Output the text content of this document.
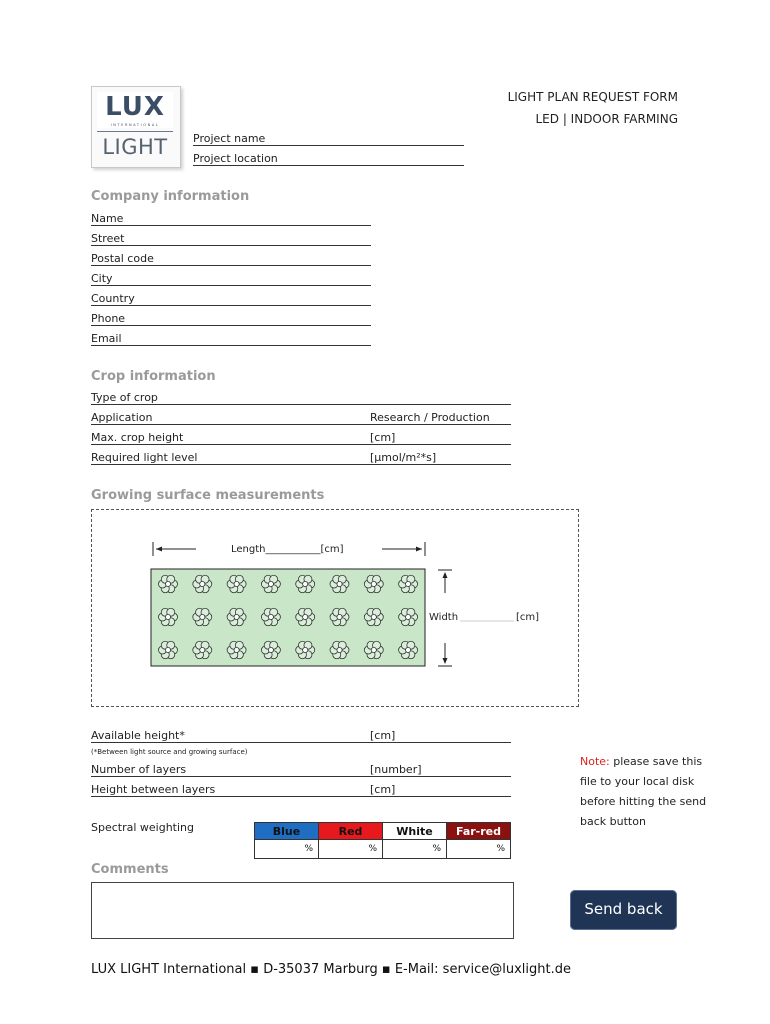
LUX
INTERNATIONAL
LIGHT
LIGHT PLAN REQUEST FORM
LED | INDOOR FARMING
Project name
Project location
Company information
Name
Street
Postal code
City
Country
Phone
Email
Crop information
Type of crop
Application	Research / Production
Max. crop height	[cm]
Required light level	[µmol/m²*s]
Growing surface measurements
Length___________[cm]
Width	[cm]
Available height*	[cm]
(*Between light source and growing surface)
Number of layers	[number]
Height between layers	[cm]
Spectral weighting	Blue	Red	White	Far-red
%	%	%	%
Note: please save this
file to your local disk
before hitting the send
back button
Comments
Send back
LUX LIGHT International ▪ D-35037 Marburg ▪ E-Mail: service@luxlight.de
